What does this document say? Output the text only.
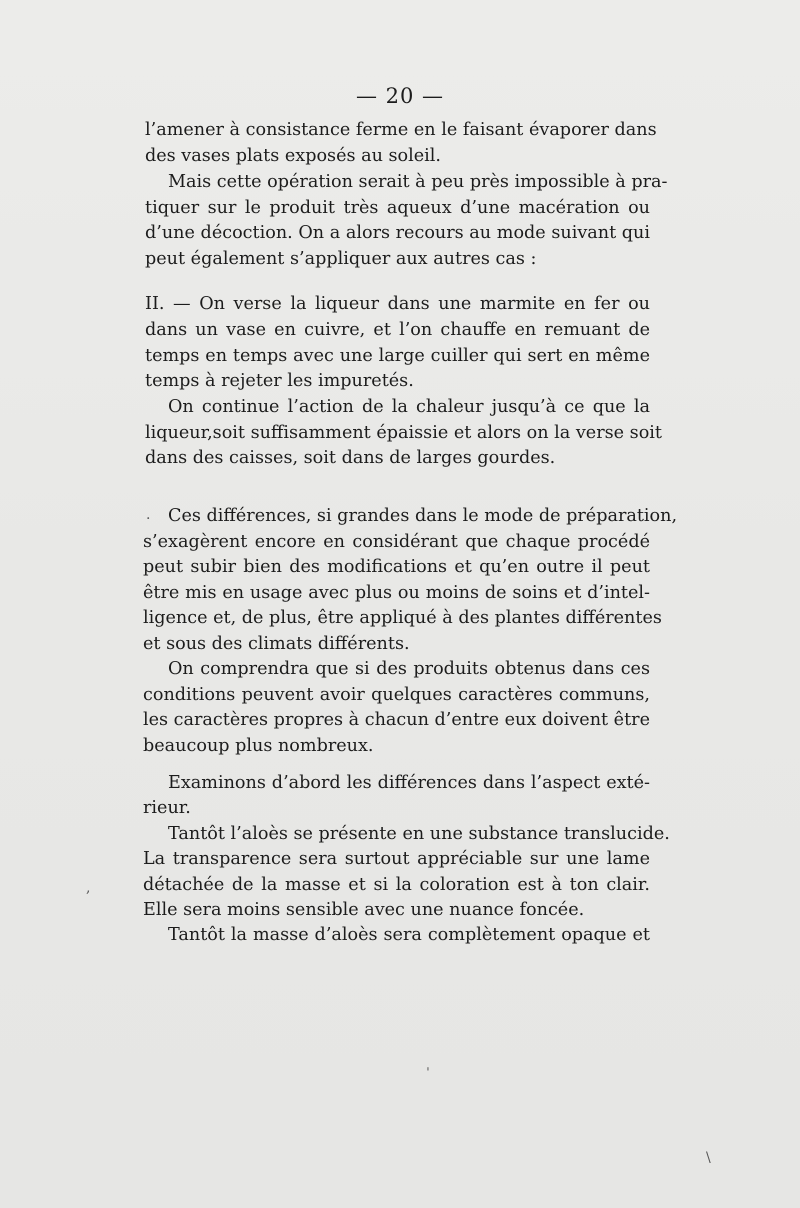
— 20 —
l’amener à consistance ferme en le faisant évaporer dans
des vases plats exposés au soleil.
Mais cette opération serait à peu près impossible à pra-
tiquer sur le produit très aqueux d’une macération ou
d’une décoction. On a alors recours au mode suivant qui
peut également s’appliquer aux autres cas :
II. — On verse la liqueur dans une marmite en fer ou
dans un vase en cuivre, et l’on chauffe en remuant de
temps en temps avec une large cuiller qui sert en même
temps à rejeter les impuretés.
On continue l’action de la chaleur jusqu’à ce que la
liqueur,soit suffisamment épaissie et alors on la verse soit
dans des caisses, soit dans de larges gourdes.
. Ces différences, si grandes dans le mode de préparation,
s’exagèrent encore en considérant que chaque procédé
peut subir bien des modifications et qu’en outre il peut
être mis en usage avec plus ou moins de soins et d’intel-
ligence et, de plus, être appliqué à des plantes différentes
et sous des climats différents.
On comprendra que si des produits obtenus dans ces
conditions peuvent avoir quelques caractères communs,
les caractères propres à chacun d’entre eux doivent être
beaucoup plus nombreux.
Examinons d’abord les différences dans l’aspect exté-
rieur.
Tantôt l’aloès se présente en une substance translucide.
La transparence sera surtout appréciable sur une lame
détachée de la masse et si la coloration est à ton clair.
Elle sera moins sensible avec une nuance foncée.
Tantôt la masse d’aloès sera complètement opaque et
,
ˈ
\
